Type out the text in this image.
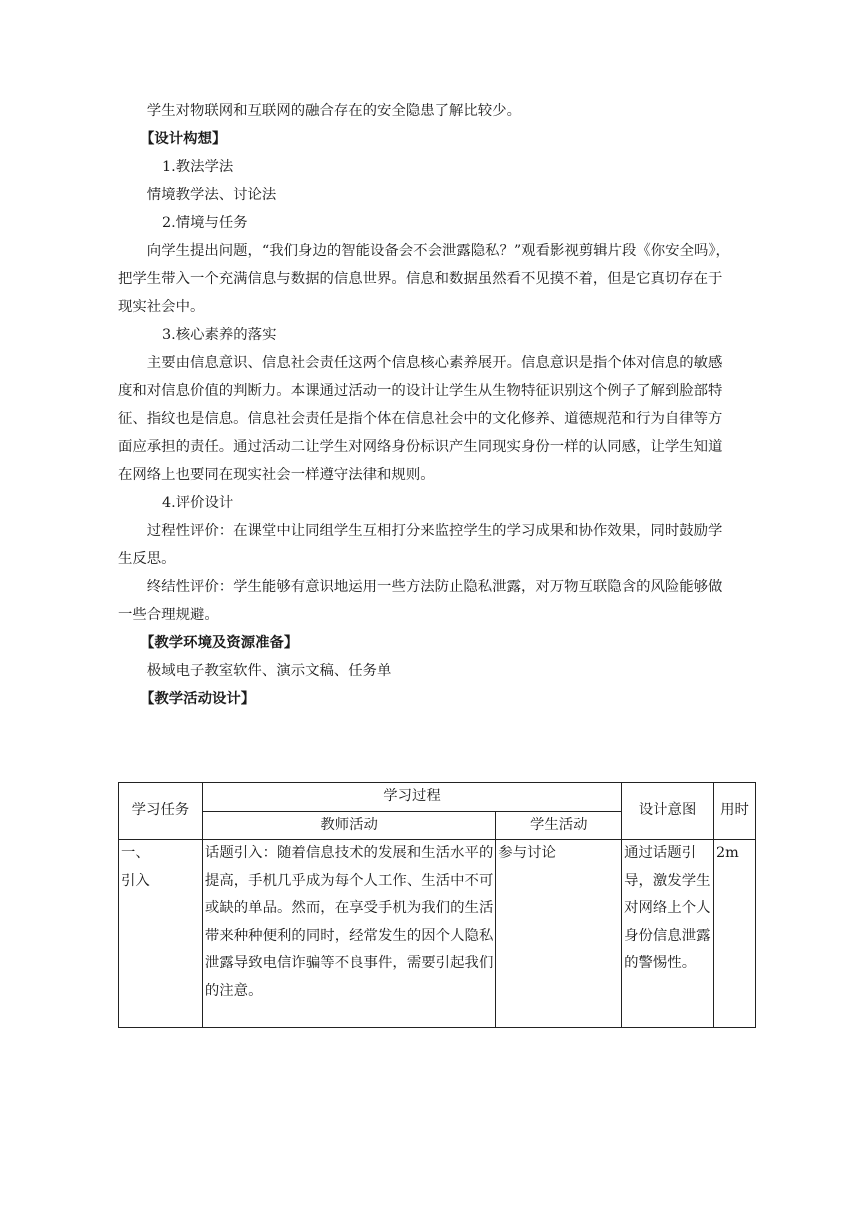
学生对物联网和互联网的融合存在的安全隐患了解比较少。

【设计构想】

1.教法学法

情境教学法、讨论法

2.情境与任务

向学生提出问题，“我们身边的智能设备会不会泄露隐私？”观看影视剪辑片段《你安全吗》，把学生带入一个充满信息与数据的信息世界。信息和数据虽然看不见摸不着，但是它真切存在于现实社会中。

3.核心素养的落实

主要由信息意识、信息社会责任这两个信息核心素养展开。信息意识是指个体对信息的敏感度和对信息价值的判断力。本课通过活动一的设计让学生从生物特征识别这个例子了解到脸部特征、指纹也是信息。信息社会责任是指个体在信息社会中的文化修养、道德规范和行为自律等方面应承担的责任。通过活动二让学生对网络身份标识产生同现实身份一样的认同感，让学生知道在网络上也要同在现实社会一样遵守法律和规则。

4.评价设计

过程性评价：在课堂中让同组学生互相打分来监控学生的学习成果和协作效果，同时鼓励学生反思。

终结性评价：学生能够有意识地运用一些方法防止隐私泄露，对万物互联隐含的风险能够做一些合理规避。

【教学环境及资源准备】

极域电子教室软件、演示文稿、任务单

【教学活动设计】

学习任务	学习过程		设计意图	用时
	教师活动	学生活动		
一、
引入	话题引入：随着信息技术的发展和生活水平的提高，手机几乎成为每个人工作、生活中不可或缺的单品。然而，在享受手机为我们的生活带来种种便利的同时，经常发生的因个人隐私泄露导致电信诈骗等不良事件，需要引起我们的注意。	参与讨论	通过话题引导，激发学生对网络上个人身份信息泄露的警惕性。	2m
